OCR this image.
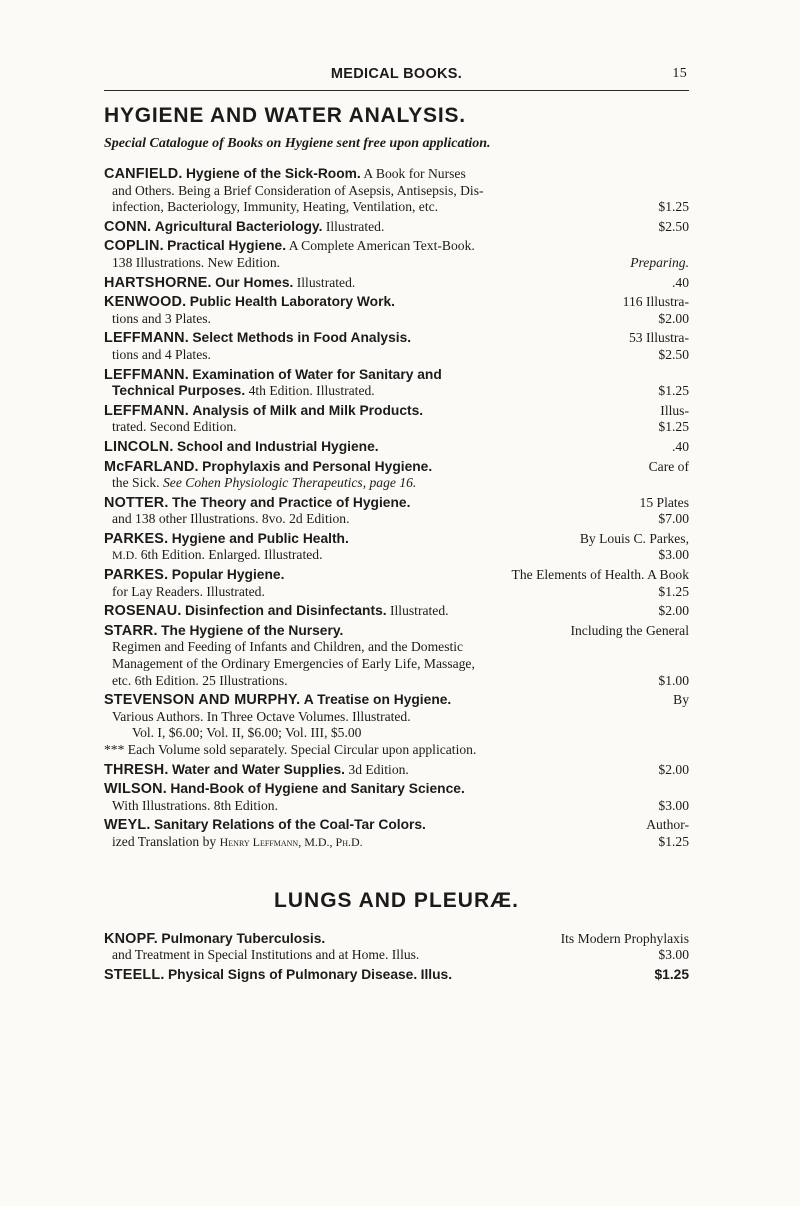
MEDICAL BOOKS.	15
HYGIENE AND WATER ANALYSIS.
Special Catalogue of Books on Hygiene sent free upon application.
CANFIELD. Hygiene of the Sick-Room. A Book for Nurses
and Others. Being a Brief Consideration of Asepsis, Antisepsis, Dis-
infection, Bacteriology, Immunity, Heating, Ventilation, etc.	$1.25
CONN. Agricultural Bacteriology. Illustrated.	$2.50
COPLIN. Practical Hygiene. A Complete American Text-Book.
138 Illustrations. New Edition.	Preparing.
HARTSHORNE. Our Homes. Illustrated.	.40
KENWOOD. Public Health Laboratory Work.	116 Illustra-
tions and 3 Plates.	$2.00
LEFFMANN. Select Methods in Food Analysis.	53 Illustra-
tions and 4 Plates.	$2.50
LEFFMANN. Examination of Water for Sanitary and
Technical Purposes. 4th Edition. Illustrated.	$1.25
LEFFMANN. Analysis of Milk and Milk Products.	Illus-
trated. Second Edition.	$1.25
LINCOLN. School and Industrial Hygiene.	.40
McFARLAND. Prophylaxis and Personal Hygiene.	Care of
the Sick. See Cohen Physiologic Therapeutics, page 16.
NOTTER. The Theory and Practice of Hygiene.	15 Plates
and 138 other Illustrations. 8vo. 2d Edition.	$7.00
PARKES. Hygiene and Public Health.	By Louis C. Parkes,
M.D. 6th Edition. Enlarged. Illustrated.	$3.00
PARKES. Popular Hygiene.	The Elements of Health. A Book
for Lay Readers. Illustrated.	$1.25
ROSENAU. Disinfection and Disinfectants. Illustrated.	$2.00
STARR. The Hygiene of the Nursery.	Including the General
Regimen and Feeding of Infants and Children, and the Domestic
Management of the Ordinary Emergencies of Early Life, Massage,
etc. 6th Edition. 25 Illustrations.	$1.00
STEVENSON AND MURPHY. A Treatise on Hygiene.	By
Various Authors. In Three Octave Volumes. Illustrated.
Vol. I, $6.00; Vol. II, $6.00; Vol. III, $5.00
*** Each Volume sold separately. Special Circular upon application.
THRESH. Water and Water Supplies. 3d Edition.	$2.00
WILSON. Hand-Book of Hygiene and Sanitary Science.
With Illustrations. 8th Edition.	$3.00
WEYL. Sanitary Relations of the Coal-Tar Colors.	Author-
ized Translation by Henry Leffmann, M.D., Ph.D.	$1.25
LUNGS AND PLEURÆ.
KNOPF. Pulmonary Tuberculosis.	Its Modern Prophylaxis
and Treatment in Special Institutions and at Home. Illus.	$3.00
STEELL. Physical Signs of Pulmonary Disease. Illus.	$1.25
